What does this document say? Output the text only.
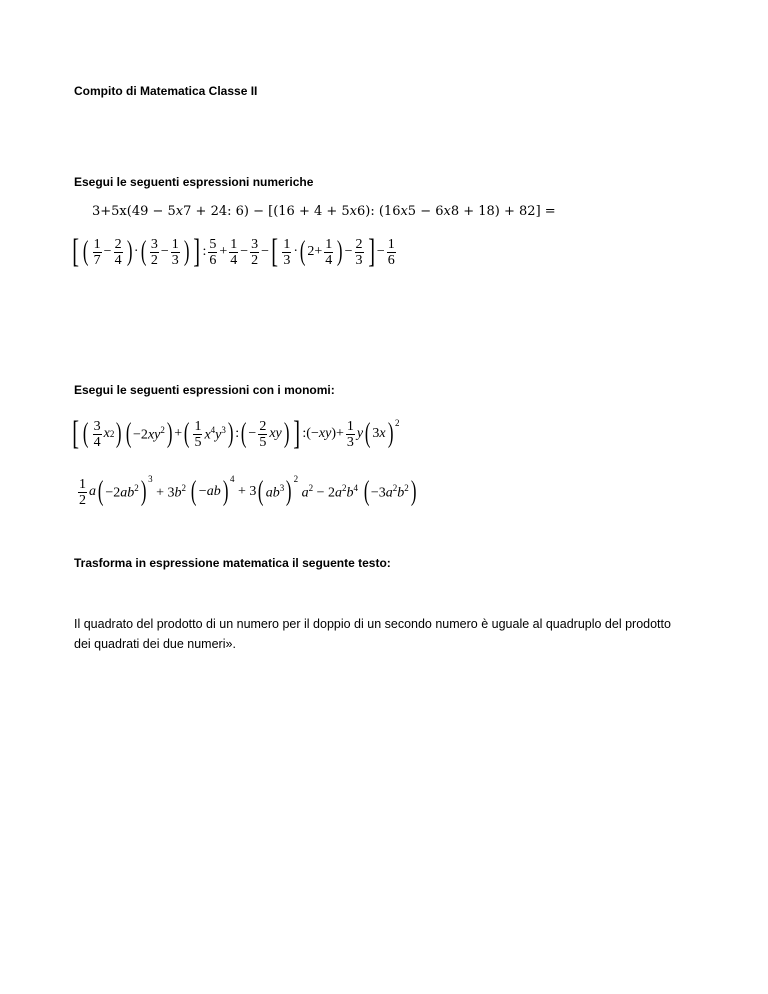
Compito di Matematica Classe II
Esegui le seguenti espressioni numeriche
3+5x(49 − 5𝑥7 + 24: 6) − [(16 + 4 + 5𝑥6): (16𝑥5 − 6𝑥8 + 18) + 82] =
[ ( $\frac{1}{7} - \frac{2}{4}$ ) · ( $\frac{3}{2} - \frac{1}{3}$ ) ] : $\frac{5}{6} + \frac{1}{4} - \frac{3}{2}$ − [ $\frac{1}{3}$ · ( $2 + \frac{1}{4}$ ) − $\frac{2}{3}$ ] − $\frac{1}{6}$
Esegui le seguenti espressioni con i monomi:
[ ( $\frac{3}{4}$ x 2 ) ( $-2xy^2$ ) + ( $\frac{1}{5} x^4y^3$ ) : ( − $\frac{2}{5}$ xy ) ] :(−xy)+ $\frac{1}{3}$ y ( 3x )$^2$
$\frac{1}{2}$ a ( $-2ab^2$ )$^3$
+ $3b^2$ ( −ab )$^4$
+ 3 ( $ab^3$ )$^2$
$a^2 - 2a^2b^4$ ( $-3a^2b^2$ )
Trasforma in espressione matematica il seguente testo:
Il quadrato del prodotto di un numero per il doppio di un secondo numero è uguale al quadruplo del prodotto dei quadrati dei due numeri».
